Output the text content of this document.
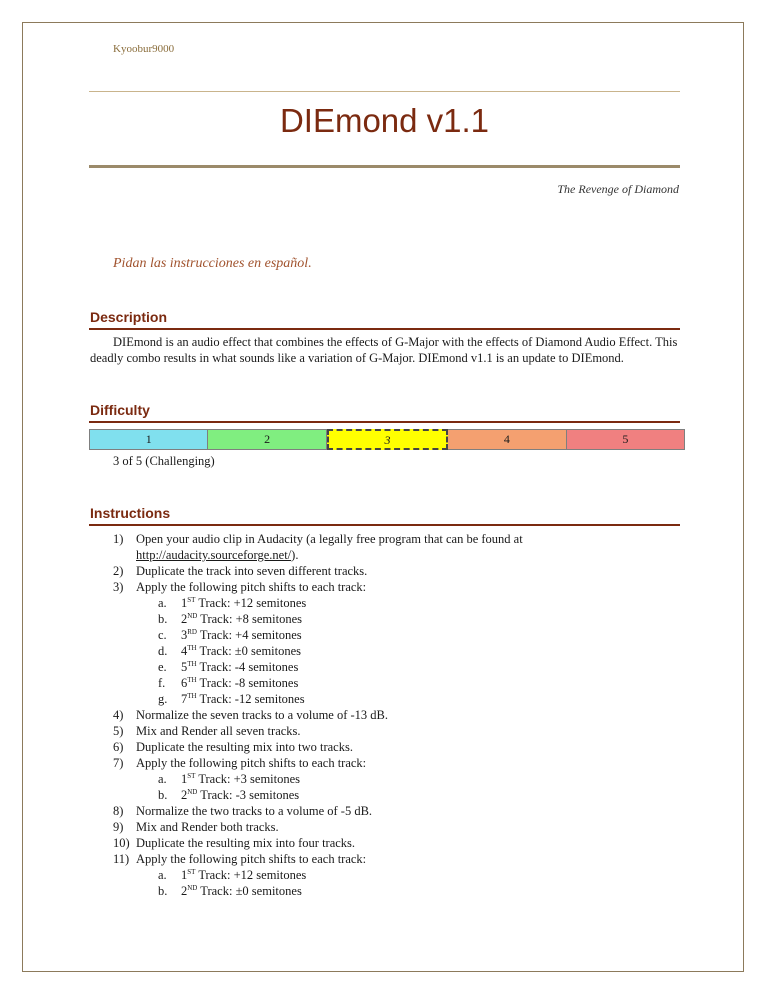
Kyoobur9000
DIEmond v1.1
The Revenge of Diamond
Pidan las instrucciones en español.
Description
DIEmond is an audio effect that combines the effects of G-Major with the effects of Diamond Audio Effect. This deadly combo results in what sounds like a variation of G-Major. DIEmond v1.1 is an update to DIEmond.
Difficulty
1	2	3	4	5
3 of 5 (Challenging)
Instructions
1)	Open your audio clip in Audacity (a legally free program that can be found at
http://audacity.sourceforge.net/).
2)	Duplicate the track into seven different tracks.
3)	Apply the following pitch shifts to each track:
a.	1ST Track: +12 semitones
b.	2ND Track: +8 semitones
c.	3RD Track: +4 semitones
d.	4TH Track: ±0 semitones
e.	5TH Track: -4 semitones
f.	6TH Track: -8 semitones
g.	7TH Track: -12 semitones
4)	Normalize the seven tracks to a volume of -13 dB.
5)	Mix and Render all seven tracks.
6)	Duplicate the resulting mix into two tracks.
7)	Apply the following pitch shifts to each track:
a.	1ST Track: +3 semitones
b.	2ND Track: -3 semitones
8)	Normalize the two tracks to a volume of -5 dB.
9)	Mix and Render both tracks.
10) Duplicate the resulting mix into four tracks.
11) Apply the following pitch shifts to each track:
a.	1ST Track: +12 semitones
b.	2ND Track: ±0 semitones
